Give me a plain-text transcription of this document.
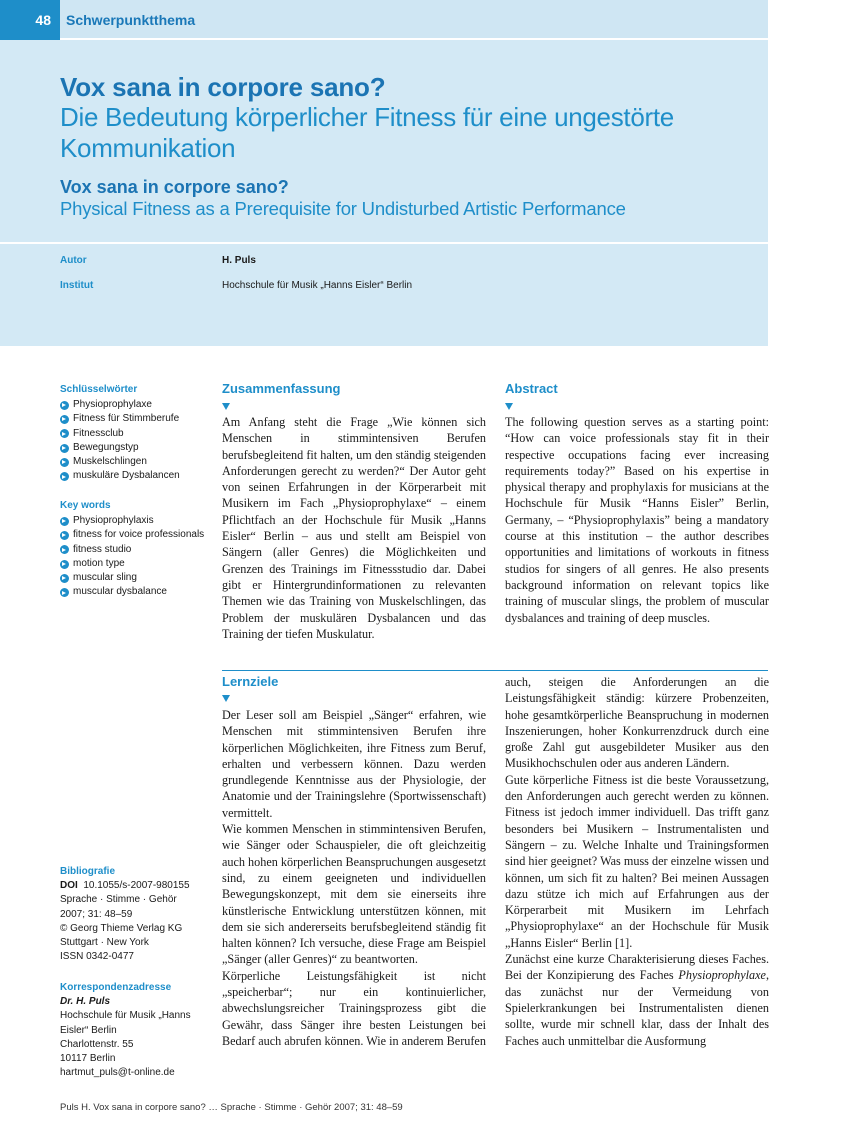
48	Schwerpunktthema
Vox sana in corpore sano?
Die Bedeutung körperlicher Fitness für eine ungestörte Kommunikation
Vox sana in corpore sano?
Physical Fitness as a Prerequisite for Undisturbed Artistic Performance
Autor	H. Puls
Institut	Hochschule für Musik „Hanns Eisler“ Berlin
Schlüsselwörter
Physioprophylaxe
Fitness für Stimmberufe
Fitnessclub
Bewegungstyp
Muskelschlingen
muskuläre Dysbalancen
Key words
Physioprophylaxis
fitness for voice professionals
fitness studio
motion type
muscular sling
muscular dysbalance
Bibliografie
DOI 10.1055/s-2007-980155
Sprache · Stimme · Gehör
2007; 31: 48–59
© Georg Thieme Verlag KG
Stuttgart · New York
ISSN 0342-0477
Korrespondenzadresse
Dr. H. Puls
Hochschule für Musik „Hanns
Eisler“ Berlin
Charlottenstr. 55
10117 Berlin
hartmut_puls@t-online.de
Zusammenfassung

Am Anfang steht die Frage „Wie können sich Menschen in stimmintensiven Berufen berufsbegleitend fit halten, um den ständig steigenden Anforderungen gerecht zu werden?“ Der Autor geht von seinen Erfahrungen in der Körperarbeit mit Musikern im Fach „Physioprophylaxe“ – einem Pflichtfach an der Hochschule für Musik „Hanns Eisler“ Berlin – aus und stellt am Beispiel von Sängern (aller Genres) die Möglichkeiten und Grenzen des Trainings im Fitnessstudio dar. Dabei gibt er Hintergrundinformationen zu relevanten Themen wie das Training von Muskelschlingen, das Problem der muskulären Dysbalancen und das Training der tiefen Muskulatur.

Abstract

The following question serves as a starting point: “How can voice professionals stay fit in their respective occupations facing ever increasing requirements today?” Based on his expertise in physical therapy and prophylaxis for musicians at the Hochschule für Musik “Hanns Eisler” Berlin, Germany, – “Physioprophylaxis” being a mandatory course at this institution – the author describes opportunities and limitations of workouts in fitness studios for singers of all genres. He also presents background information on relevant topics like training of muscular slings, the problem of muscular dysbalances and training of deep muscles.

Lernziele

Der Leser soll am Beispiel „Sänger“ erfahren, wie Menschen mit stimmintensiven Berufen ihre körperlichen Möglichkeiten, ihre Fitness zum Beruf, erhalten und verbessern können. Dazu werden grundlegende Kenntnisse aus der Physiologie, der Anatomie und der Trainingslehre (Sportwissenschaft) vermittelt.

Wie kommen Menschen in stimmintensiven Berufen, wie Sänger oder Schauspieler, die oft gleichzeitig auch hohen körperlichen Beanspruchungen ausgesetzt sind, zu einem geeigneten und individuellen Bewegungskonzept, mit dem sie einerseits ihre künstlerische Entwicklung unterstützen können, mit dem sie sich andererseits berufsbegleitend ständig fit halten können? Ich versuche, diese Frage am Beispiel „Sänger (aller Genres)“ zu beantworten.

Körperliche Leistungsfähigkeit ist nicht „speicherbar“; nur ein kontinuierlicher, abwechslungsreicher Trainingsprozess gibt die Gewähr, dass Sänger ihre besten Leistungen bei Bedarf auch abrufen können. Wie in anderem Berufen

auch, steigen die Anforderungen an die Leistungsfähigkeit ständig: kürzere Probenzeiten, hohe gesamtkörperliche Beanspruchung in modernen Inszenierungen, hoher Konkurrenzdruck durch eine große Zahl gut ausgebildeter Musiker aus den Musikhochschulen oder aus anderen Ländern.

Gute körperliche Fitness ist die beste Voraussetzung, den Anforderungen auch gerecht werden zu können. Fitness ist jedoch immer individuell. Das trifft ganz besonders bei Musikern – Instrumentalisten und Sängern – zu. Welche Inhalte und Trainingsformen sind hier geeignet? Was muss der einzelne wissen und können, um sich fit zu halten? Bei meinen Aussagen dazu stütze ich mich auf Erfahrungen aus der Körperarbeit mit Musikern im Lehrfach „Physioprophylaxe“ an der Hochschule für Musik „Hanns Eisler“ Berlin [1].

Zunächst eine kurze Charakterisierung dieses Faches. Bei der Konzipierung des Faches Physioprophylaxe, das zunächst nur der Vermeidung von Spielerkrankungen bei Instrumentalisten dienen sollte, wurde mir schnell klar, dass der Inhalt des Faches auch unmittelbar die Ausformung

Puls H. Vox sana in corpore sano? … Sprache · Stimme · Gehör 2007; 31: 48–59
